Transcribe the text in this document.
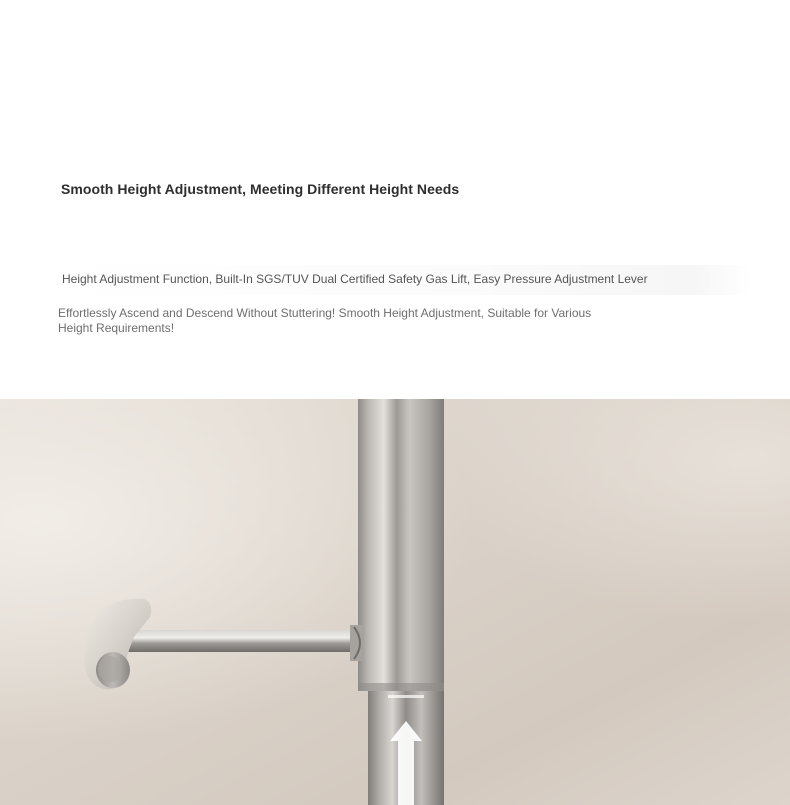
Smooth Height Adjustment, Meeting Different Height Needs
Height Adjustment Function, Built-In SGS/TUV Dual Certified Safety Gas Lift, Easy Pressure Adjustment Lever
Effortlessly Ascend and Descend Without Stuttering! Smooth Height Adjustment, Suitable for Various Height Requirements!
